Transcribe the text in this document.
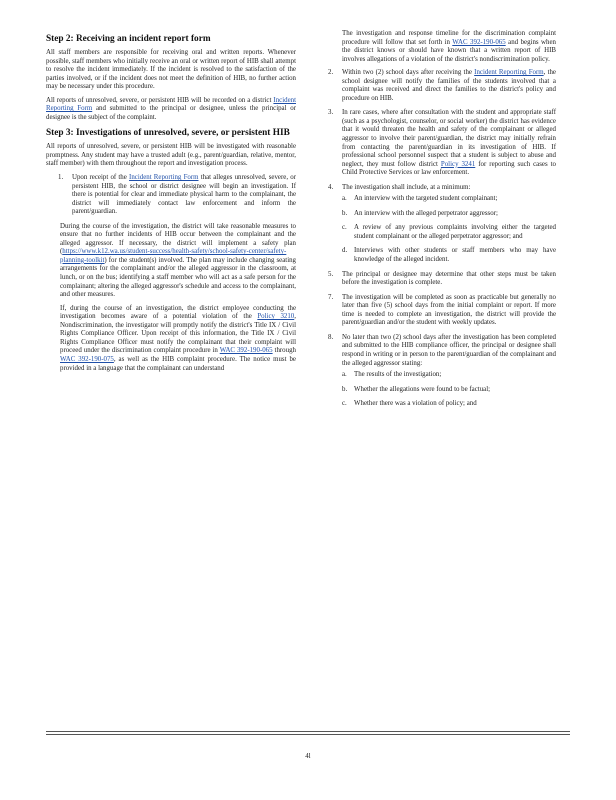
Step 2: Receiving an incident report form

All staff members are responsible for receiving oral and written reports. Whenever possible, staff members who initially receive an oral or written report of HIB shall attempt to resolve the incident immediately. If the incident is resolved to the satisfaction of the parties involved, or if the incident does not meet the definition of HIB, no further action may be necessary under this procedure.

All reports of unresolved, severe, or persistent HIB will be recorded on a district Incident Reporting Form and submitted to the principal or designee, unless the principal or designee is the subject of the complaint.

Step 3: Investigations of unresolved, severe, or persistent HIB

All reports of unresolved, severe, or persistent HIB will be investigated with reasonable promptness. Any student may have a trusted adult (e.g., parent/guardian, relative, mentor, staff member) with them throughout the report and investigation process.

1. Upon receipt of the Incident Reporting Form that alleges unresolved, severe, or persistent HIB, the school or district designee will begin an investigation. If there is potential for clear and immediate physical harm to the complainant, the district will immediately contact law enforcement and inform the parent/guardian.

During the course of the investigation, the district will take reasonable measures to ensure that no further incidents of HIB occur between the complainant and the alleged aggressor. If necessary, the district will implement a safety plan (https://www.k12.wa.us/student-success/health-safety/school-safety-center/safety-planning-toolkit) for the student(s) involved. The plan may include changing seating arrangements for the complainant and/or the alleged aggressor in the classroom, at lunch, or on the bus; identifying a staff member who will act as a safe person for the complainant; altering the alleged aggressor's schedule and access to the complainant, and other measures.

If, during the course of an investigation, the district employee conducting the investigation becomes aware of a potential violation of the Policy 3210, Nondiscrimination, the investigator will promptly notify the district's Title IX / Civil Rights Compliance Officer. Upon receipt of this information, the Title IX / Civil Rights Compliance Officer must notify the complainant that their complaint will proceed under the discrimination complaint procedure in WAC 392-190-065 through WAC 392-190-075, as well as the HIB complaint procedure. The notice must be provided in a language that the complainant can understand

The investigation and response timeline for the discrimination complaint procedure will follow that set forth in WAC 392-190-065 and begins when the district knows or should have known that a written report of HIB involves allegations of a violation of the district's nondiscrimination policy.

2. Within two (2) school days after receiving the Incident Reporting Form, the school designee will notify the families of the students involved that a complaint was received and direct the families to the district's policy and procedure on HIB.
3. In rare cases, where after consultation with the student and appropriate staff (such as a psychologist, counselor, or social worker) the district has evidence that it would threaten the health and safety of the complainant or alleged aggressor to involve their parent/guardian, the district may initially refrain from contacting the parent/guardian in its investigation of HIB. If professional school personnel suspect that a student is subject to abuse and neglect, they must follow district Policy 3241 for reporting such cases to Child Protective Services or law enforcement.
4. The investigation shall include, at a minimum:
a. An interview with the targeted student complainant;
b. An interview with the alleged perpetrator aggressor;
c. A review of any previous complaints involving either the targeted student complainant or the alleged perpetrator aggressor; and
d. Interviews with other students or staff members who may have knowledge of the alleged incident.
5. The principal or designee may determine that other steps must be taken before the investigation is complete.
7. The investigation will be completed as soon as practicable but generally no later than five (5) school days from the initial complaint or report. If more time is needed to complete an investigation, the district will provide the parent/guardian and/or the student with weekly updates.
8. No later than two (2) school days after the investigation has been completed and submitted to the HIB compliance officer, the principal or designee shall respond in writing or in person to the parent/guardian of the complainant and the alleged aggressor stating:
a. The results of the investigation;
b. Whether the allegations were found to be factual;
c. Whether there was a violation of policy; and
4l
